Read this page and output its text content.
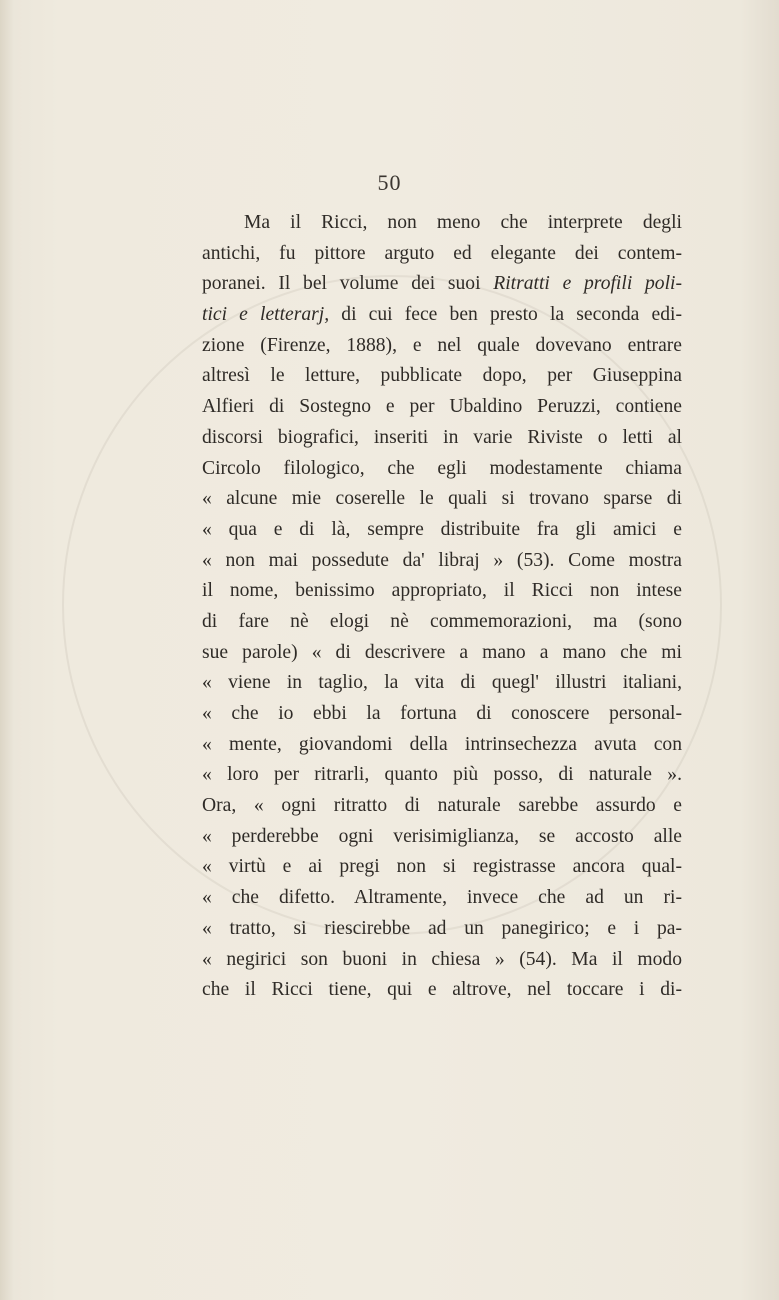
50
Ma il Ricci, non meno che interprete degli
antichi, fu pittore arguto ed elegante dei contem-
poranei. Il bel volume dei suoi Ritratti e profili poli-
tici e letterarj, di cui fece ben presto la seconda edi-
zione (Firenze, 1888), e nel quale dovevano entrare
altresì le letture, pubblicate dopo, per Giuseppina
Alfieri di Sostegno e per Ubaldino Peruzzi, contiene
discorsi biografici, inseriti in varie Riviste o letti al
Circolo filologico, che egli modestamente chiama
« alcune mie coserelle le quali si trovano sparse di
« qua e di là, sempre distribuite fra gli amici e
« non mai possedute da' libraj » (53). Come mostra
il nome, benissimo appropriato, il Ricci non intese
di fare nè elogi nè commemorazioni, ma (sono
sue parole) « di descrivere a mano a mano che mi
« viene in taglio, la vita di quegl' illustri italiani,
« che io ebbi la fortuna di conoscere personal-
« mente, giovandomi della intrinsechezza avuta con
« loro per ritrarli, quanto più posso, di naturale ».
Ora, « ogni ritratto di naturale sarebbe assurdo e
« perderebbe ogni verisimiglianza, se accosto alle
« virtù e ai pregi non si registrasse ancora qual-
« che difetto. Altramente, invece che ad un ri-
« tratto, si riescirebbe ad un panegirico; e i pa-
« negirici son buoni in chiesa » (54). Ma il modo
che il Ricci tiene, qui e altrove, nel toccare i di-
